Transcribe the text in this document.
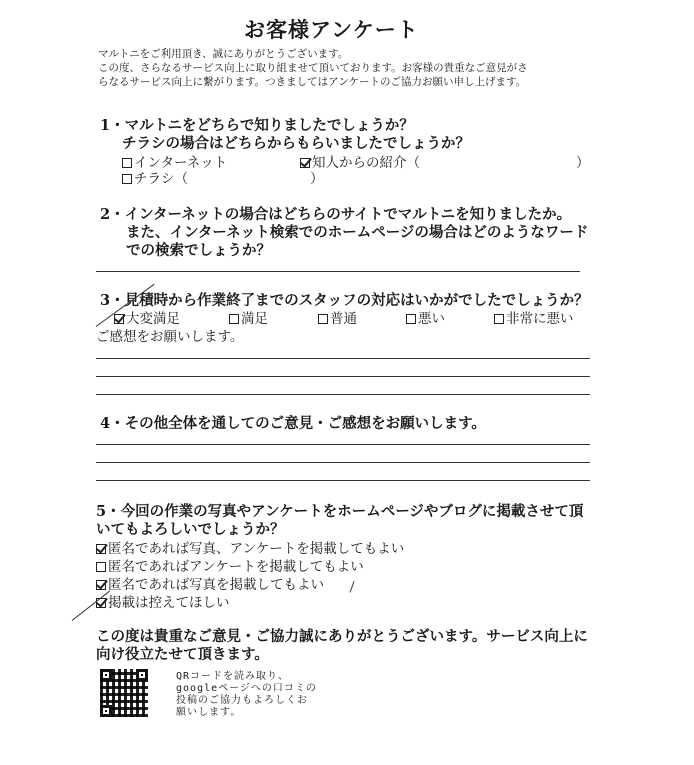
お客様アンケート
マルトニをご利用頂き、誠にありがとうございます。
この度、さらなるサービス向上に取り組ませて頂いております。お客様の貴重なご意見がさ
らなるサービス向上に繋がります。つきましてはアンケートのご協力お願い申し上げます。
1・マルトニをどちらで知りましたでしょうか？
チラシの場合はどちらからもらいましたでしょうか？
インターネット	知人からの紹介（	）
チラシ（	）
2・インターネットの場合はどちらのサイトでマルトニを知りましたか。
また、インターネット検索でのホームページの場合はどのようなワード
での検索でしょうか？
3・見積時から作業終了までのスタッフの対応はいかがでしたでしょうか？
大変満足	満足	普通	悪い	非常に悪い
ご感想をお願いします。
4・その他全体を通してのご意見・ご感想をお願いします。
5・今回の作業の写真やアンケートをホームページやブログに掲載させて頂
いてもよろしいでしょうか？
匿名であれば写真、アンケートを掲載してもよい
匿名であればアンケートを掲載してもよい
匿名であれば写真を掲載してもよい
掲載は控えてほしい
この度は貴重なご意見・ご協力誠にありがとうございます。サービス向上に
向け役立たせて頂きます。
QRコードを読み取り、
googleページへの口コミの
投稿のご協力もよろしくお
願いします。
